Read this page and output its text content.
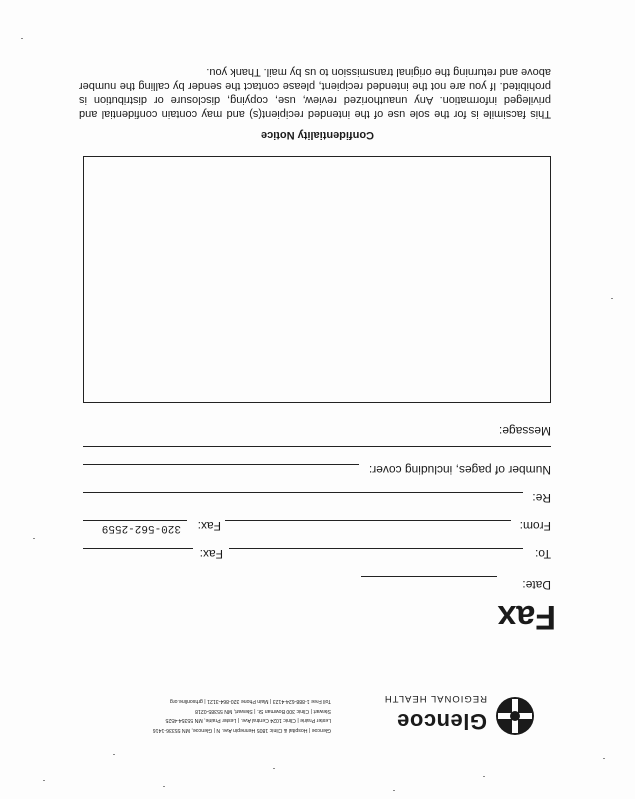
Glencoe
REGIONAL HEALTH
Glencoe | Hospital & Clinic 1805 Hennepin Ave. N | Glencoe, MN 55336-1416
Lester Prairie | Clinic 1024 Central Ave. | Lester Prairie, MN 55354-4525
Stewart | Clinic 300 Bowman St. | Stewart, MN 55385-0218
Toll Free 1-888-624-4123 | Main Phone 320-864-3121 | grhsonline.org
Fax
Date:
To:
Fax:
From:
Fax:
320-562-2559
Re:
Number of pages, including cover:
Message:
Confidentiality Notice
This facsimile is for the sole use of the intended recipient(s) and may contain confidential and privileged information. Any unauthorized review, use, copying, disclosure or distribution is prohibited. If you are not the intended recipient, please contact the sender by calling the number above and returning the original transmission to us by mail. Thank you.
